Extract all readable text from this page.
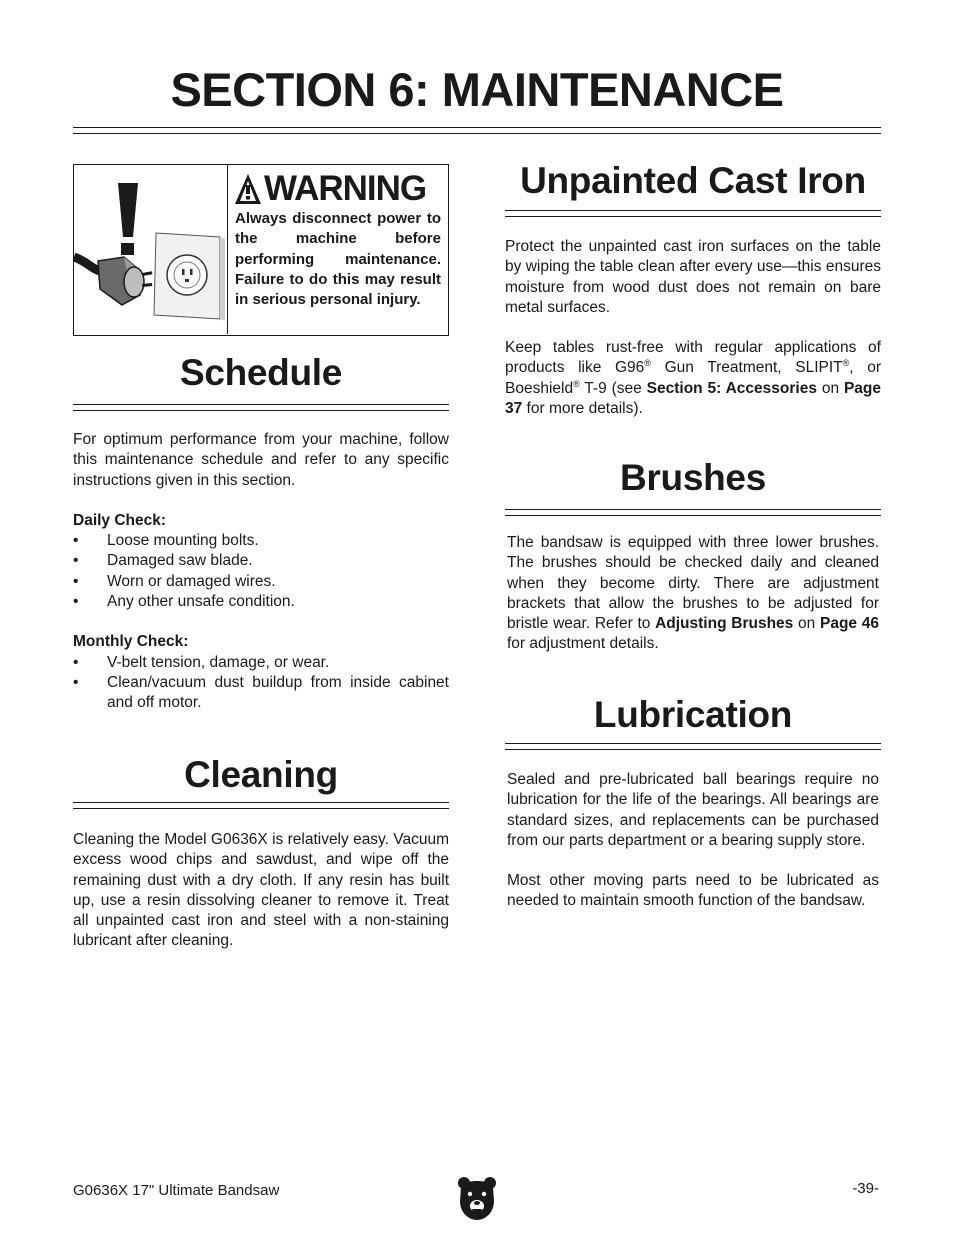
SECTION 6: MAINTENANCE
WARNING
Always disconnect power to the machine before performing maintenance. Failure to do this may result in serious personal injury.
Schedule

For optimum performance from your machine, follow this maintenance schedule and refer to any specific instructions given in this section.

Daily Check:

• Loose mounting bolts.
• Damaged saw blade.
• Worn or damaged wires.
• Any other unsafe condition.

Monthly Check:

• V-belt tension, damage, or wear.
• Clean/vacuum dust buildup from inside cabinet and off motor.
Cleaning

Cleaning the Model G0636X is relatively easy. Vacuum excess wood chips and sawdust, and wipe off the remaining dust with a dry cloth. If any resin has built up, use a resin dissolving cleaner to remove it. Treat all unpainted cast iron and steel with a non-staining lubricant after cleaning.

Unpainted Cast Iron

Protect the unpainted cast iron surfaces on the table by wiping the table clean after every use—this ensures moisture from wood dust does not remain on bare metal surfaces.

Keep tables rust-free with regular applications of products like G96® Gun Treatment, SLIPIT®, or Boeshield® T-9 (see Section 5: Accessories on Page 37 for more details).

Brushes

The bandsaw is equipped with three lower brushes. The brushes should be checked daily and cleaned when they become dirty. There are adjustment brackets that allow the brushes to be adjusted for bristle wear. Refer to Adjusting Brushes on Page 46 for adjustment details.

Lubrication

Sealed and pre-lubricated ball bearings require no lubrication for the life of the bearings. All bearings are standard sizes, and replacements can be purchased from our parts department or a bearing supply store.

Most other moving parts need to be lubricated as needed to maintain smooth function of the bandsaw.

G0636X 17" Ultimate Bandsaw	-39-
